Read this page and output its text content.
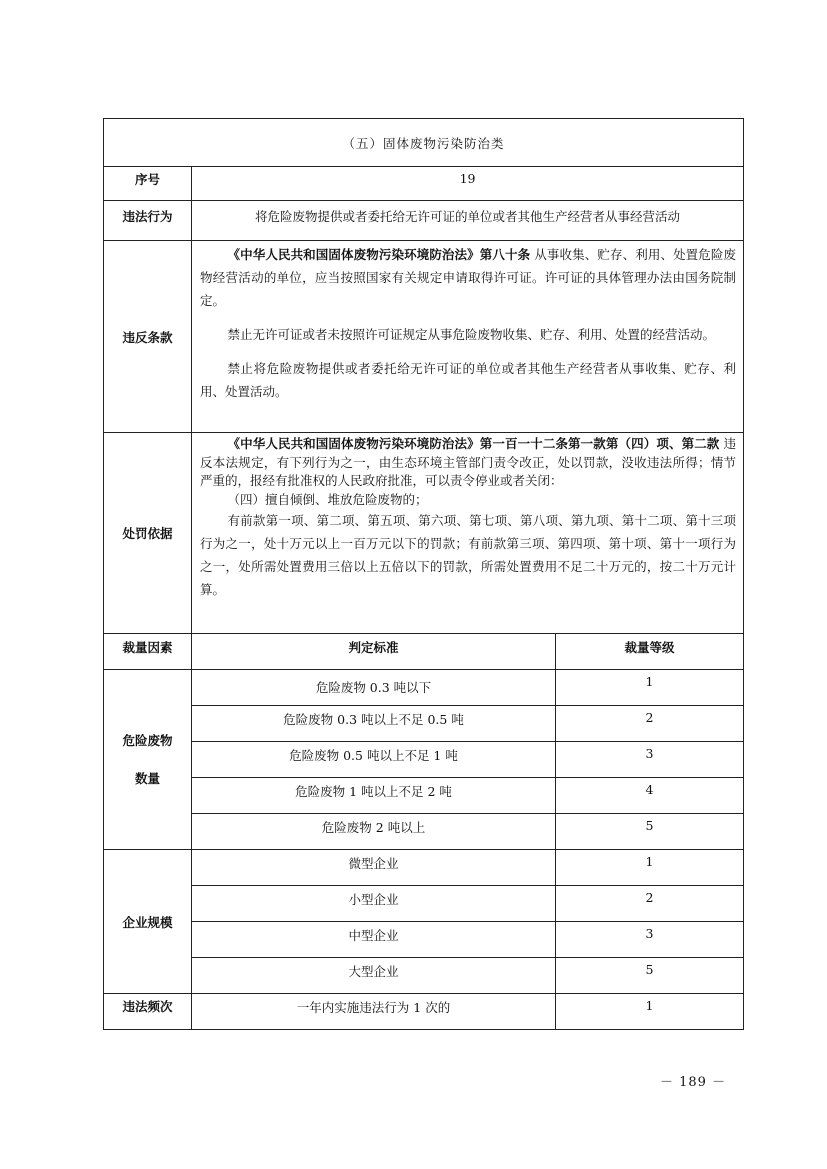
（五）固体废物污染防治类		
序号	19	
违法行为	将危险废物提供或者委托给无许可证的单位或者其他生产经营者从事经营活动	
违反条款	《中华人民共和国固体废物污染环境防治法》第八十条 从事收集、贮存、利用、处置危险废物经营活动的单位，应当按照国家有关规定申请取得许可证。许可证的具体管理办法由国务院制定。

禁止无许可证或者未按照许可证规定从事危险废物收集、贮存、利用、处置的经营活动。

禁止将危险废物提供或者委托给无许可证的单位或者其他生产经营者从事收集、贮存、利用、处置活动。	

处罚依据	《中华人民共和国固体废物污染环境防治法》第一百一十二条第一款第（四）项、第二款 违反本法规定，有下列行为之一，由生态环境主管部门责令改正，处以罚款，没收违法所得；情节严重的，报经有批准权的人民政府批准，可以责令停业或者关闭：

（四）擅自倾倒、堆放危险废物的；

有前款第一项、第二项、第五项、第六项、第七项、第八项、第九项、第十二项、第十三项行为之一，处十万元以上一百万元以下的罚款；有前款第三项、第四项、第十项、第十一项行为之一，处所需处置费用三倍以上五倍以下的罚款，所需处置费用不足二十万元的，按二十万元计算。	

裁量因素	判定标准	裁量等级
危险废物
数量	危险废物 0.3 吨以下	1
	危险废物 0.3 吨以上不足 0.5 吨	2
	危险废物 0.5 吨以上不足 1 吨	3
	危险废物 1 吨以上不足 2 吨	4
	危险废物 2 吨以上	5
企业规模	微型企业	1
	小型企业	2
	中型企业	3
	大型企业	5
违法频次	一年内实施违法行为 1 次的	1
－ 189 －
